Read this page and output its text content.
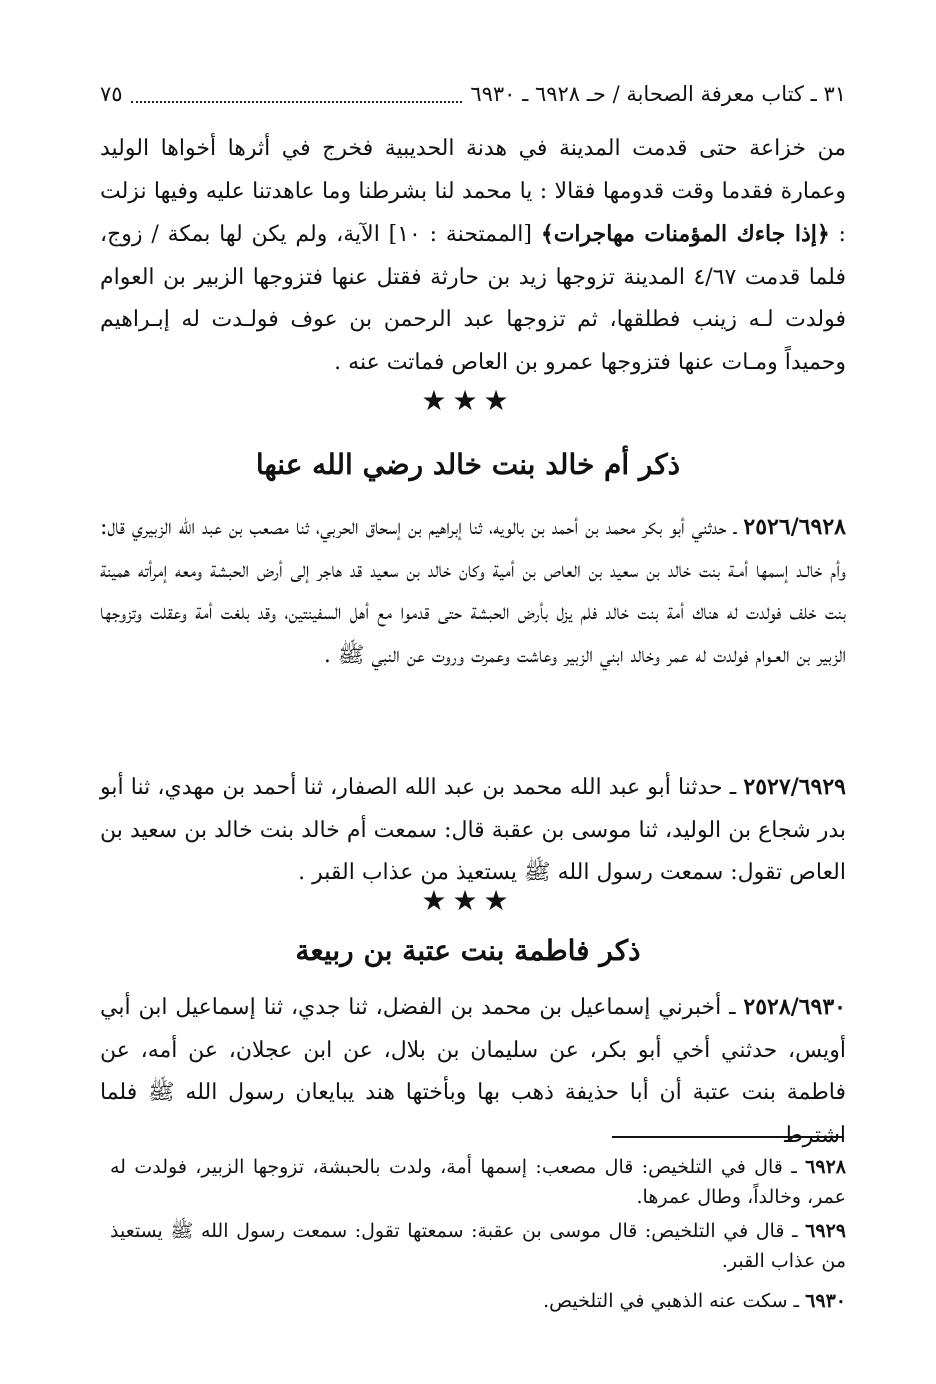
٣١ ـ كتاب معرفة الصحابة / حـ ٦٩٢٨ ـ ٦٩٣٠
٧٥

من خزاعة حتى قدمت المدينة في هدنة الحديبية فخرج في أثرها أخواها الوليد وعمارة فقدما وقت قدومها فقالا : يا محمد لنا بشرطنا وما عاهدتنا عليه وفيها نزلت : ﴿إذا جاءك المؤمنات مهاجرات﴾ [الممتحنة : ١٠] الآية، ولم يكن لها بمكة / زوج، فلما قدمت ٤/٦٧ المدينة تزوجها زيد بن حارثة فقتل عنها فتزوجها الزبير بن العوام فولدت لـه زينب فطلقها، ثم تزوجها عبد الرحمن بن عوف فولـدت له إبـراهيم وحميداً ومـات عنها فتزوجها عمرو بن العاص فماتت عنه .

★★★
ذكر أم خالد بنت خالد رضي الله عنها

٢٥٢٦/٦٩٢٨ ـ حدثني أبو بكر محمد بن أحمد بن بالويه، ثنا إبراهيم بن إسحاق الحربي، ثنا مصعب بن عبد الله الزبيري قال: وأم خالـد إسمها أمـة بنت خالد بن سعيد بن العاص بن أمية وكان خالد بن سعيد قد هاجر إلى أرض الحبشة ومعه إمرأته همينة بنت خلف فولدت له هناك أمة بنت خالد فلم يزل بأرض الحبشة حتى قدموا مع أهل السفينتين، وقد بلغت أمة وعقلت وتزوجها الزبير بن العـوام فولدت له عمر وخالد ابني الزبير وعاشت وعمرت وروت عن النبي ﷺ .

٢٥٢٧/٦٩٢٩ ـ حدثنا أبو عبد الله محمد بن عبد الله الصفار، ثنا أحمد بن مهدي، ثنا أبو بدر شجاع بن الوليد، ثنا موسى بن عقبة قال: سمعت أم خالد بنت خالد بن سعيد بن العاص تقول: سمعت رسول الله ﷺ يستعيذ من عذاب القبر .

★★★
ذكر فاطمة بنت عتبة بن ربيعة

٢٥٢٨/٦٩٣٠ ـ أخبرني إسماعيل بن محمد بن الفضل، ثنا جدي، ثنا إسماعيل ابن أبي أويس، حدثني أخي أبو بكر، عن سليمان بن بلال، عن ابن عجلان، عن أمه، عن فاطمة بنت عتبة أن أبا حذيفة ذهب بها وبأختها هند يبايعان رسول الله ﷺ فلما اشترط

٦٩٢٨ ـ قال في التلخيص: قال مصعب: إسمها أمة، ولدت بالحبشة، تزوجها الزبير، فولدت له عمر، وخالداً، وطال عمرها.

٦٩٢٩ ـ قال في التلخيص: قال موسى بن عقبة: سمعتها تقول: سمعت رسول الله ﷺ يستعيذ من عذاب القبر.

٦٩٣٠ ـ سكت عنه الذهبي في التلخيص.
